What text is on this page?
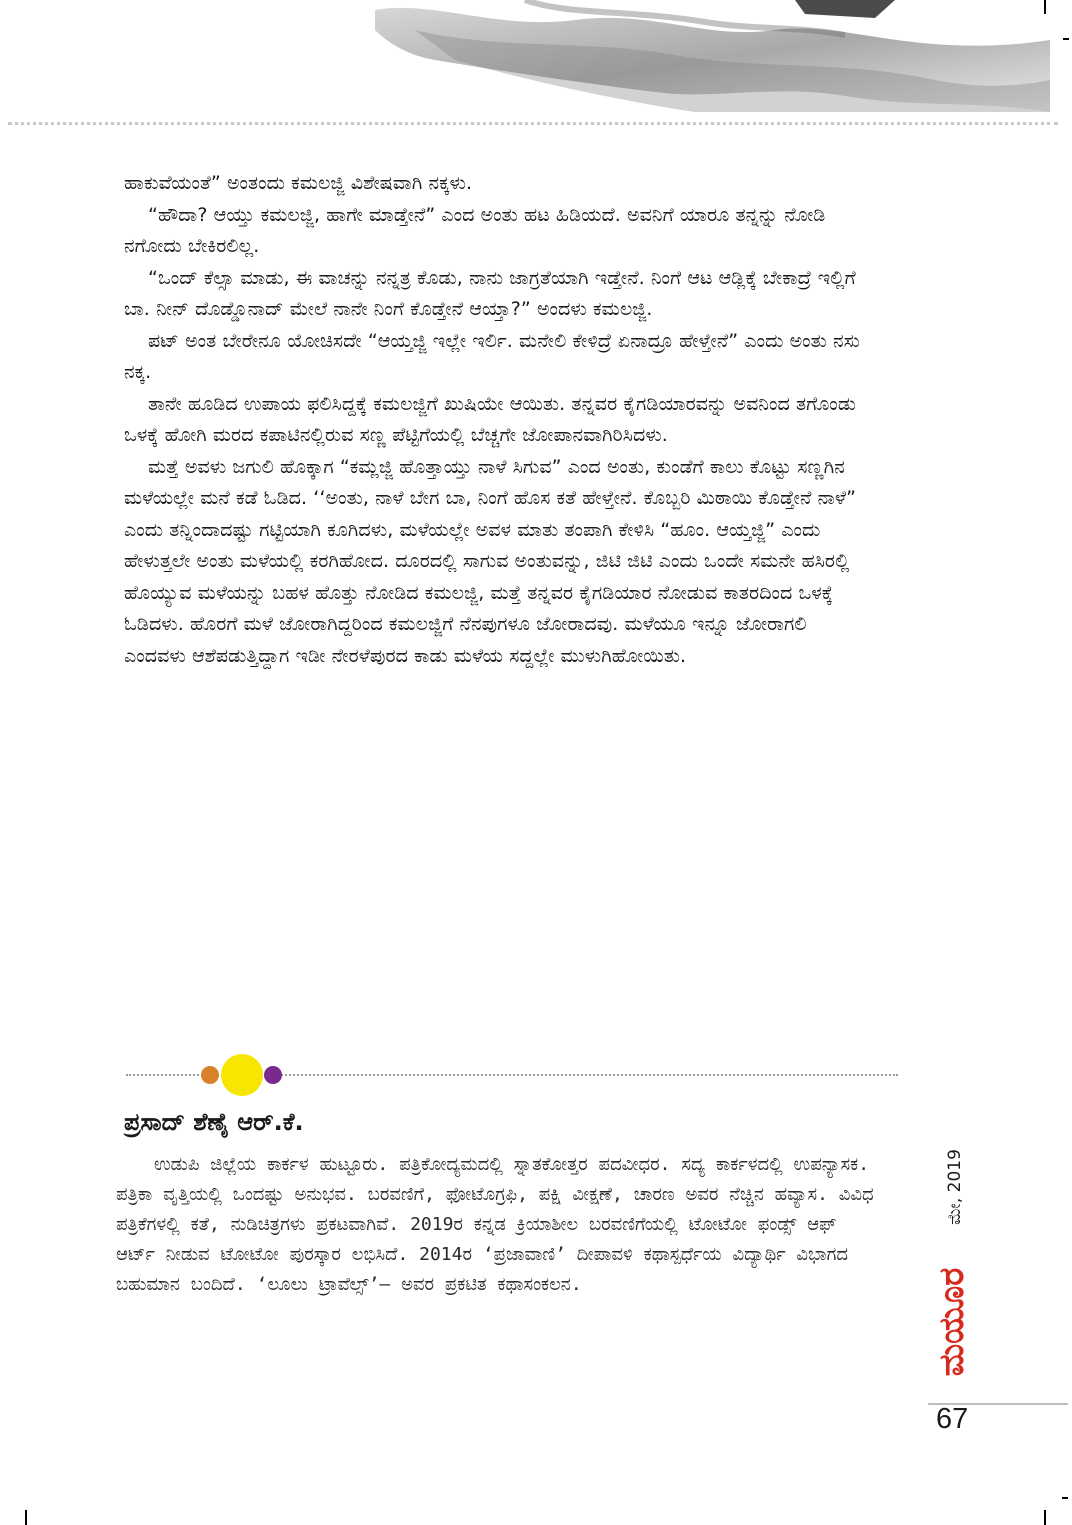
ಹಾಕುವೆಯಂತೆ” ಅಂತಂದು ಕಮಲಜ್ಜಿ ವಿಶೇಷವಾಗಿ ನಕ್ಕಳು.

“ಹೌದಾ? ಆಯ್ತು ಕಮಲಜ್ಜಿ, ಹಾಗೇ ಮಾಡ್ತೇನೆ” ಎಂದ ಅಂತು ಹಟ ಹಿಡಿಯದೆ. ಅವನಿಗೆ ಯಾರೂ ತನ್ನನ್ನು ನೋಡಿ ನಗೋದು ಬೇಕಿರಲಿಲ್ಲ.

“ಒಂದ್ ಕೆಲ್ಸಾ ಮಾಡು, ಈ ವಾಚನ್ನು ನನ್ನತ್ರ ಕೊಡು, ನಾನು ಜಾಗ್ರತೆಯಾಗಿ ಇಡ್ತೇನೆ. ನಿಂಗೆ ಆಟ ಆಡ್ಲಿಕ್ಕೆ ಬೇಕಾದ್ರೆ ಇಲ್ಲಿಗೆ ಬಾ. ನೀನ್ ದೊಡ್ಡೊನಾದ್ ಮೇಲೆ ನಾನೇ ನಿಂಗೆ ಕೊಡ್ತೇನೆ ಆಯ್ತಾ?” ಅಂದಳು ಕಮಲಜ್ಜಿ.

ಪಟ್ ಅಂತ ಬೇರೇನೂ ಯೋಚಿಸದೇ “ಆಯ್ತಜ್ಜಿ ಇಲ್ಲೇ ಇರ್ಲಿ. ಮನೇಲಿ ಕೇಳಿದ್ರೆ ಏನಾದ್ರೂ ಹೇಳ್ತೇನೆ” ಎಂದು ಅಂತು ನಸು ನಕ್ಕ.

ತಾನೇ ಹೂಡಿದ ಉಪಾಯ ಫಲಿಸಿದ್ದಕ್ಕೆ ಕಮಲಜ್ಜಿಗೆ ಖುಷಿಯೇ ಆಯಿತು. ತನ್ನವರ ಕೈಗಡಿಯಾರವನ್ನು ಅವನಿಂದ ತಗೊಂಡು ಒಳಕ್ಕೆ ಹೋಗಿ ಮರದ ಕಪಾಟಿನಲ್ಲಿರುವ ಸಣ್ಣ ಪೆಟ್ಟಿಗೆಯಲ್ಲಿ ಬೆಚ್ಚಗೇ ಜೋಪಾನವಾಗಿರಿಸಿದಳು.

ಮತ್ತೆ ಅವಳು ಜಗುಲಿ ಹೊಕ್ಕಾಗ “ಕಮ್ಲಜ್ಜಿ ಹೊತ್ತಾಯ್ತು ನಾಳೆ ಸಿಗುವ” ಎಂದ ಅಂತು, ಕುಂಡೆಗೆ ಕಾಲು ಕೊಟ್ಟು ಸಣ್ಣಗಿನ ಮಳೆಯಲ್ಲೇ ಮನೆ ಕಡೆ ಓಡಿದ. ‘‘ಅಂತು, ನಾಳೆ ಬೇಗ ಬಾ, ನಿಂಗೆ ಹೊಸ ಕತೆ ಹೇಳ್ತೇನೆ. ಕೊಬ್ಬರಿ ಮಿಠಾಯಿ ಕೊಡ್ತೇನೆ ನಾಳೆ” ಎಂದು ತನ್ನಿಂದಾದಷ್ಟು ಗಟ್ಟಿಯಾಗಿ ಕೂಗಿದಳು, ಮಳೆಯಲ್ಲೇ ಅವಳ ಮಾತು ತಂಪಾಗಿ ಕೇಳಿಸಿ “ಹೂಂ. ಆಯ್ತಜ್ಜಿ” ಎಂದು ಹೇಳುತ್ತಲೇ ಅಂತು ಮಳೆಯಲ್ಲಿ ಕರಗಿಹೋದ. ದೂರದಲ್ಲಿ ಸಾಗುವ ಅಂತುವನ್ನು, ಜಿಟಿ ಜಿಟಿ ಎಂದು ಒಂದೇ ಸಮನೇ ಹಸಿರಲ್ಲಿ ಹೊಯ್ಯುವ ಮಳೆಯನ್ನು ಬಹಳ ಹೊತ್ತು ನೋಡಿದ ಕಮಲಜ್ಜಿ, ಮತ್ತೆ ತನ್ನವರ ಕೈಗಡಿಯಾರ ನೋಡುವ ಕಾತರದಿಂದ ಒಳಕ್ಕೆ ಓಡಿದಳು. ಹೊರಗೆ ಮಳೆ ಜೋರಾಗಿದ್ದರಿಂದ ಕಮಲಜ್ಜಿಗೆ ನೆನಪುಗಳೂ ಜೋರಾದವು. ಮಳೆಯೂ ಇನ್ನೂ ಜೋರಾಗಲಿ ಎಂದವಳು ಆಶೆಪಡುತ್ತಿದ್ದಾಗ ಇಡೀ ನೇರಳೆಪುರದ ಕಾಡು ಮಳೆಯ ಸದ್ದಲ್ಲೇ ಮುಳುಗಿಹೋಯಿತು.

ಪ್ರಸಾದ್ ಶೆಣೈ ಆರ್.ಕೆ.

ಉಡುಪಿ ಜಿಲ್ಲೆಯ ಕಾರ್ಕಳ ಹುಟ್ಟೂರು. ಪತ್ರಿಕೋದ್ಯಮದಲ್ಲಿ ಸ್ನಾತಕೋತ್ತರ ಪದವೀಧರ. ಸದ್ಯ ಕಾರ್ಕಳದಲ್ಲಿ ಉಪನ್ಯಾಸಕ. ಪತ್ರಿಕಾ ವೃತ್ತಿಯಲ್ಲಿ ಒಂದಷ್ಟು ಅನುಭವ. ಬರವಣಿಗೆ, ಫೋಟೊಗ್ರಫಿ, ಪಕ್ಷಿ ವೀಕ್ಷಣೆ, ಚಾರಣ ಅವರ ನೆಚ್ಚಿನ ಹವ್ಯಾಸ. ವಿವಿಧ ಪತ್ರಿಕೆಗಳಲ್ಲಿ ಕತೆ, ನುಡಿಚಿತ್ರಗಳು ಪ್ರಕಟವಾಗಿವೆ. 2019ರ ಕನ್ನಡ ಕ್ರಿಯಾಶೀಲ ಬರವಣಿಗೆಯಲ್ಲಿ ಟೋಟೋ ಫಂಡ್ಸ್ ಆಫ್ ಆರ್ಟ್ ನೀಡುವ ಟೋಟೋ ಪುರಸ್ಕಾರ ಲಭಿಸಿದೆ. 2014ರ ‘ಪ್ರಜಾವಾಣಿ’ ದೀಪಾವಳಿ ಕಥಾಸ್ಪರ್ಧೆಯ ವಿದ್ಯಾರ್ಥಿ ವಿಭಾಗದ ಬಹುಮಾನ ಬಂದಿದೆ. ‘ಲೂಲು ಟ್ರಾವೆಲ್ಸ್’– ಅವರ ಪ್ರಕಟಿತ ಕಥಾಸಂಕಲನ.

ಮೇ, 2019
ಮಯೂರ
67
